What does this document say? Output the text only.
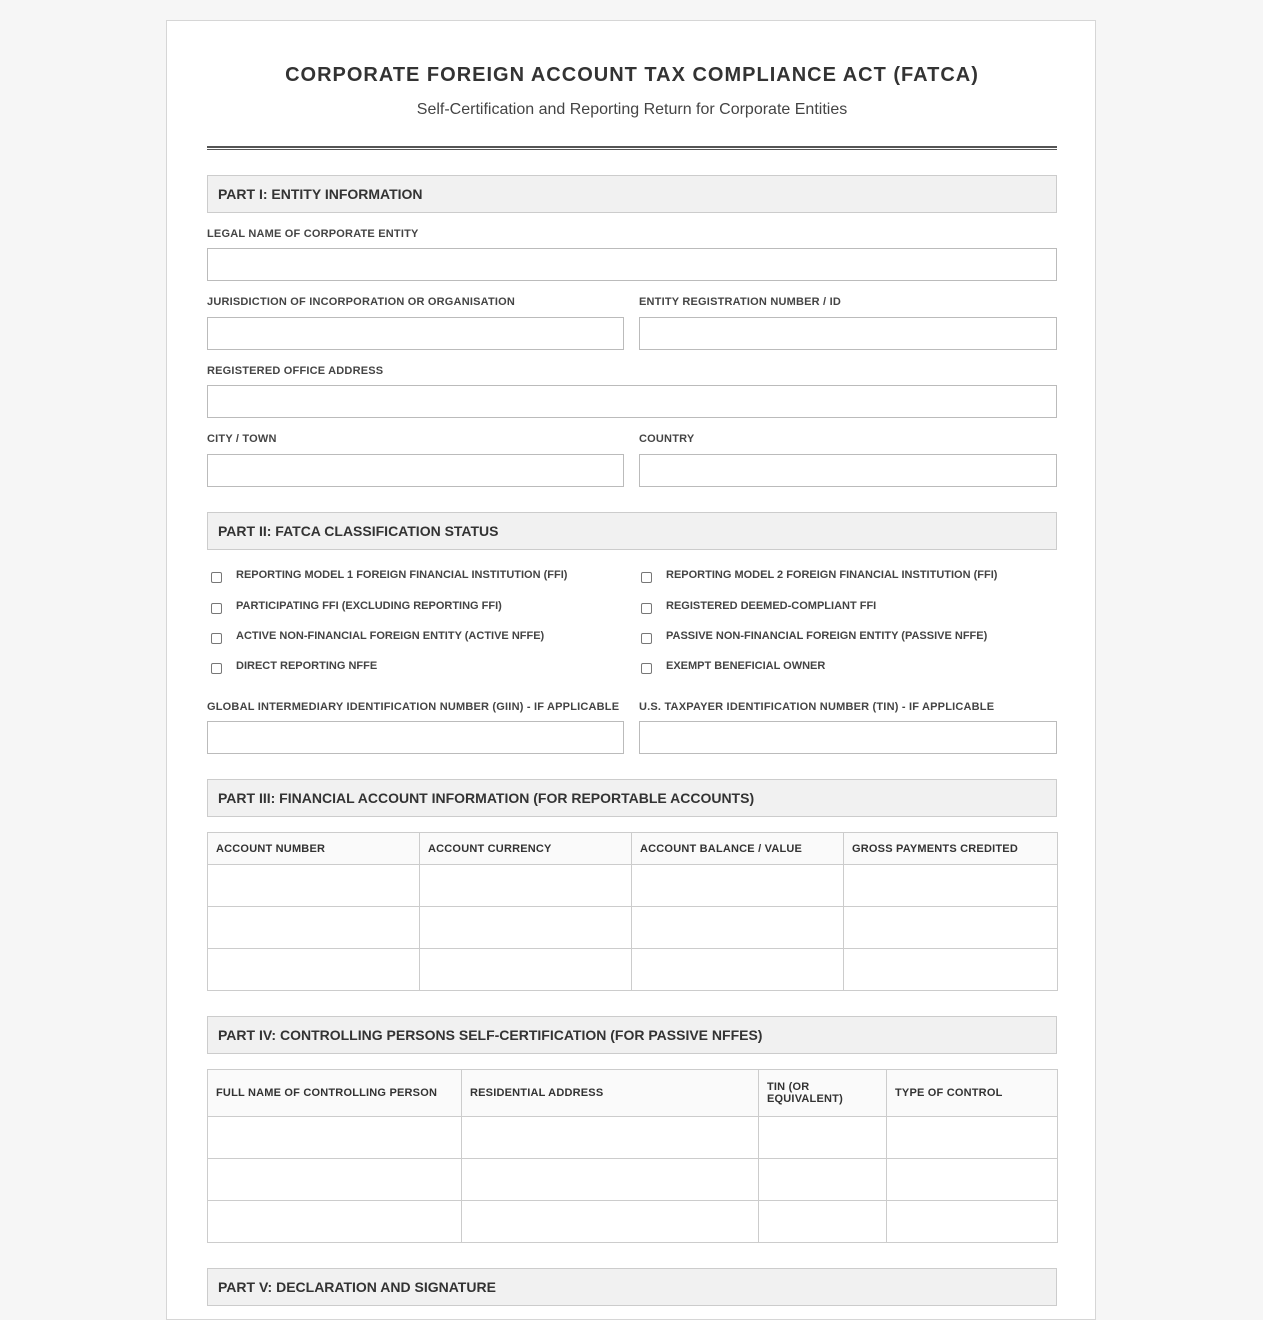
CORPORATE FOREIGN ACCOUNT TAX COMPLIANCE ACT (FATCA)
Self-Certification and Reporting Return for Corporate Entities
PART I: ENTITY INFORMATION
LEGAL NAME OF CORPORATE ENTITY
JURISDICTION OF INCORPORATION OR ORGANISATION	ENTITY REGISTRATION NUMBER / ID
REGISTERED OFFICE ADDRESS
CITY / TOWN	COUNTRY
PART II: FATCA CLASSIFICATION STATUS
REPORTING MODEL 1 FOREIGN FINANCIAL INSTITUTION (FFI)	REPORTING MODEL 2 FOREIGN FINANCIAL INSTITUTION (FFI)
PARTICIPATING FFI (EXCLUDING REPORTING FFI)	REGISTERED DEEMED-COMPLIANT FFI
ACTIVE NON-FINANCIAL FOREIGN ENTITY (ACTIVE NFFE)	PASSIVE NON-FINANCIAL FOREIGN ENTITY (PASSIVE NFFE)
DIRECT REPORTING NFFE	EXEMPT BENEFICIAL OWNER
GLOBAL INTERMEDIARY IDENTIFICATION NUMBER (GIIN) - IF APPLICABLE U.S. TAXPAYER IDENTIFICATION NUMBER (TIN) - IF APPLICABLE
PART III: FINANCIAL ACCOUNT INFORMATION (FOR REPORTABLE ACCOUNTS)
ACCOUNT NUMBER	ACCOUNT CURRENCY	ACCOUNT BALANCE / VALUE	GROSS PAYMENTS CREDITED

PART IV: CONTROLLING PERSONS SELF-CERTIFICATION (FOR PASSIVE NFFES)
FULL NAME OF CONTROLLING PERSON	RESIDENTIAL ADDRESS	TIN (OR EQUIVALENT)	TYPE OF CONTROL

PART V: DECLARATION AND SIGNATURE
